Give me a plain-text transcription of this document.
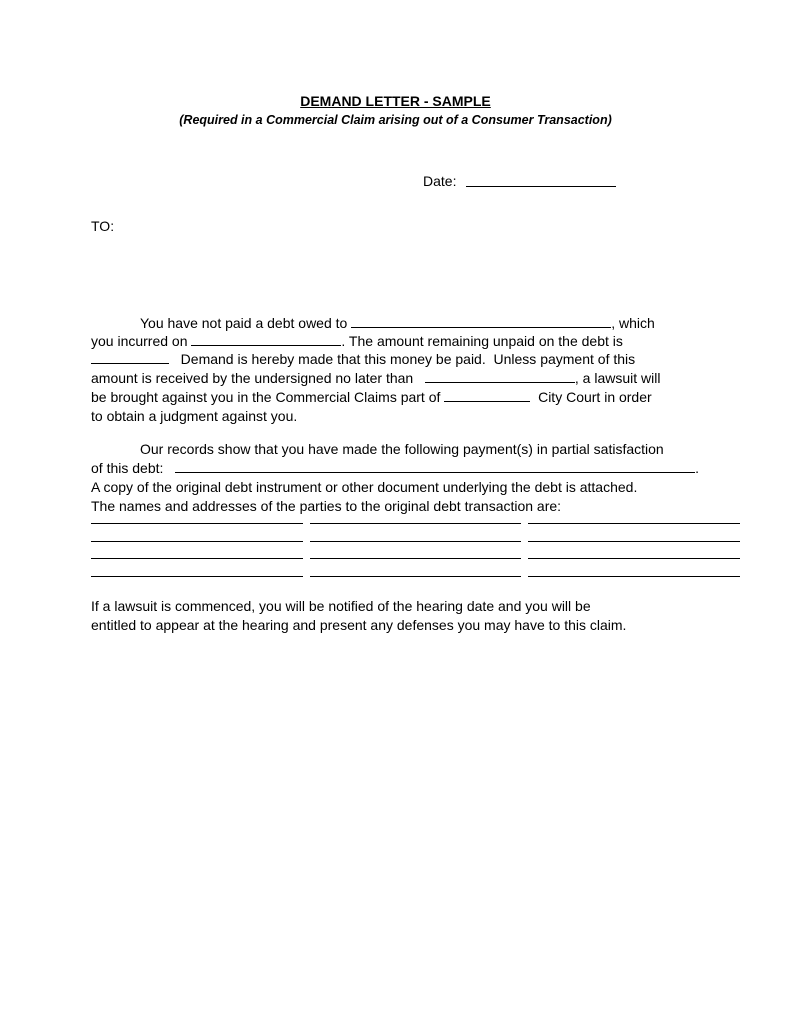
DEMAND LETTER - SAMPLE
(Required in a Commercial Claim arising out of a Consumer Transaction)
Date:
TO:
You have not paid a debt owed to	, which
you incurred on	. The amount remaining unpaid on the debt is
Demand is hereby made that this money be paid.  Unless payment of this
amount is received by the undersigned no later than	, a lawsuit will
be brought against you in the Commercial Claims part of	City Court in order
to obtain a judgment against you.
Our records show that you have made the following payment(s) in partial satisfaction
of this debt:	.
A copy of the original debt instrument or other document underlying the debt is attached.
The names and addresses of the parties to the original debt transaction are:
If a lawsuit is commenced, you will be notified of the hearing date and you will be
entitled to appear at the hearing and present any defenses you may have to this claim.
